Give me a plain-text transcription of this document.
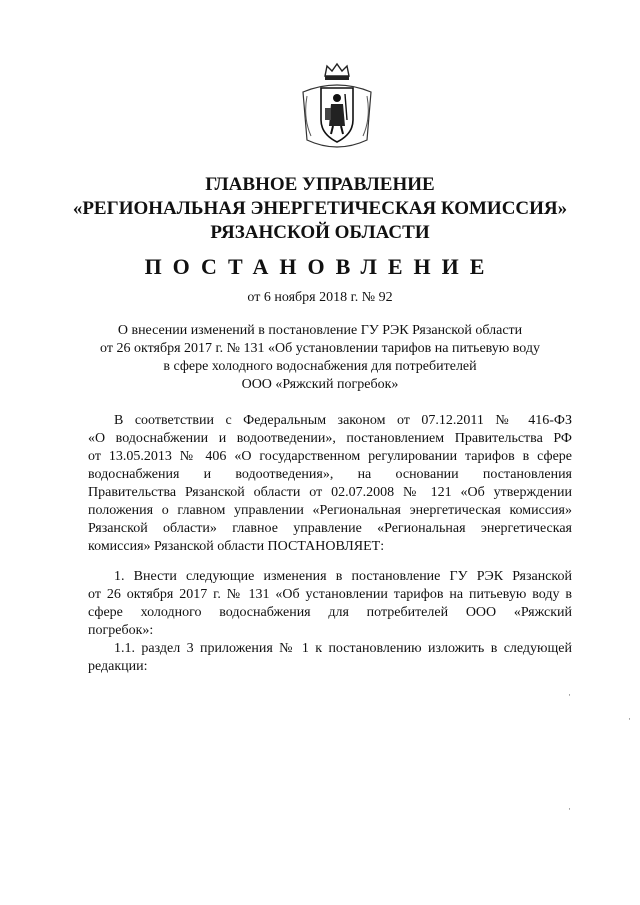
ГЛАВНОЕ УПРАВЛЕНИЕ
«РЕГИОНАЛЬНАЯ ЭНЕРГЕТИЧЕСКАЯ КОМИССИЯ»
РЯЗАНСКОЙ ОБЛАСТИ
ПОСТАНОВЛЕНИЕ
от 6 ноября 2018 г. № 92
О внесении изменений в постановление ГУ РЭК Рязанской области
от 26 октября 2017 г. № 131 «Об установлении тарифов на питьевую воду
в сфере холодного водоснабжения для потребителей
ООО «Ряжский погребок»
В соответствии с Федеральным законом от 07.12.2011 № 416-ФЗ
«О водоснабжении и водоотведении», постановлением Правительства РФ
от 13.05.2013 № 406 «О государственном регулировании тарифов в сфере
водоснабжения и водоотведения», на основании постановления
Правительства Рязанской области от 02.07.2008 № 121 «Об утверждении
положения о главном управлении «Региональная энергетическая комиссия»
Рязанской области» главное управление «Региональная энергетическая
комиссия» Рязанской области ПОСТАНОВЛЯЕТ:
1. Внести следующие изменения в постановление ГУ РЭК Рязанской
от 26 октября 2017 г. № 131 «Об установлении тарифов на питьевую воду в
сфере холодного водоснабжения для потребителей ООО «Ряжский
погребок»:
1.1. раздел 3 приложения № 1 к постановлению изложить в следующей
редакции:
·
·
·
